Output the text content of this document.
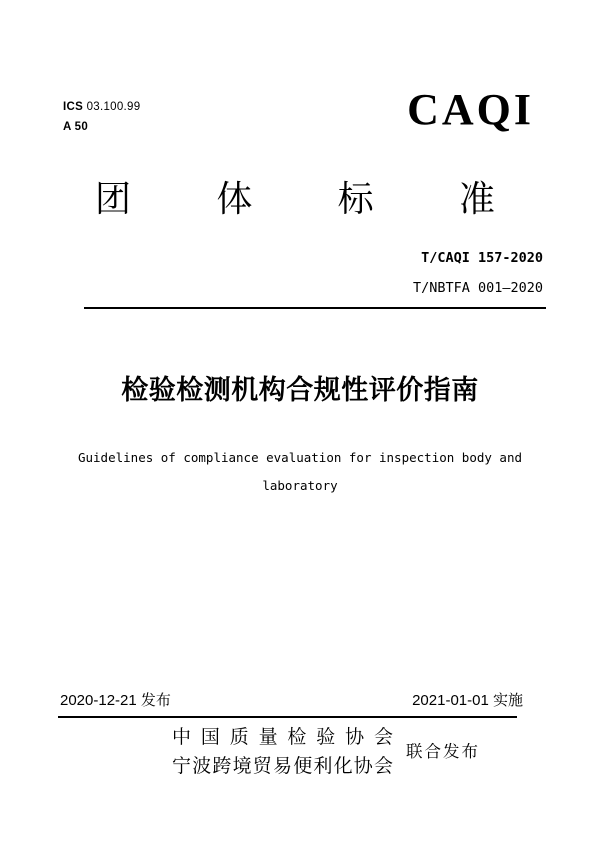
ICS 03.100.99
A 50	CAQI
团体标准
T/CAQI 157-2020
T/NBTFA 001—2020
检验检测机构合规性评价指南
Guidelines of compliance evaluation for inspection body and
laboratory
2020-12-21 发布	2021-01-01 实施
中国质量检验协会
宁波跨境贸易便利化协会
联合发布
